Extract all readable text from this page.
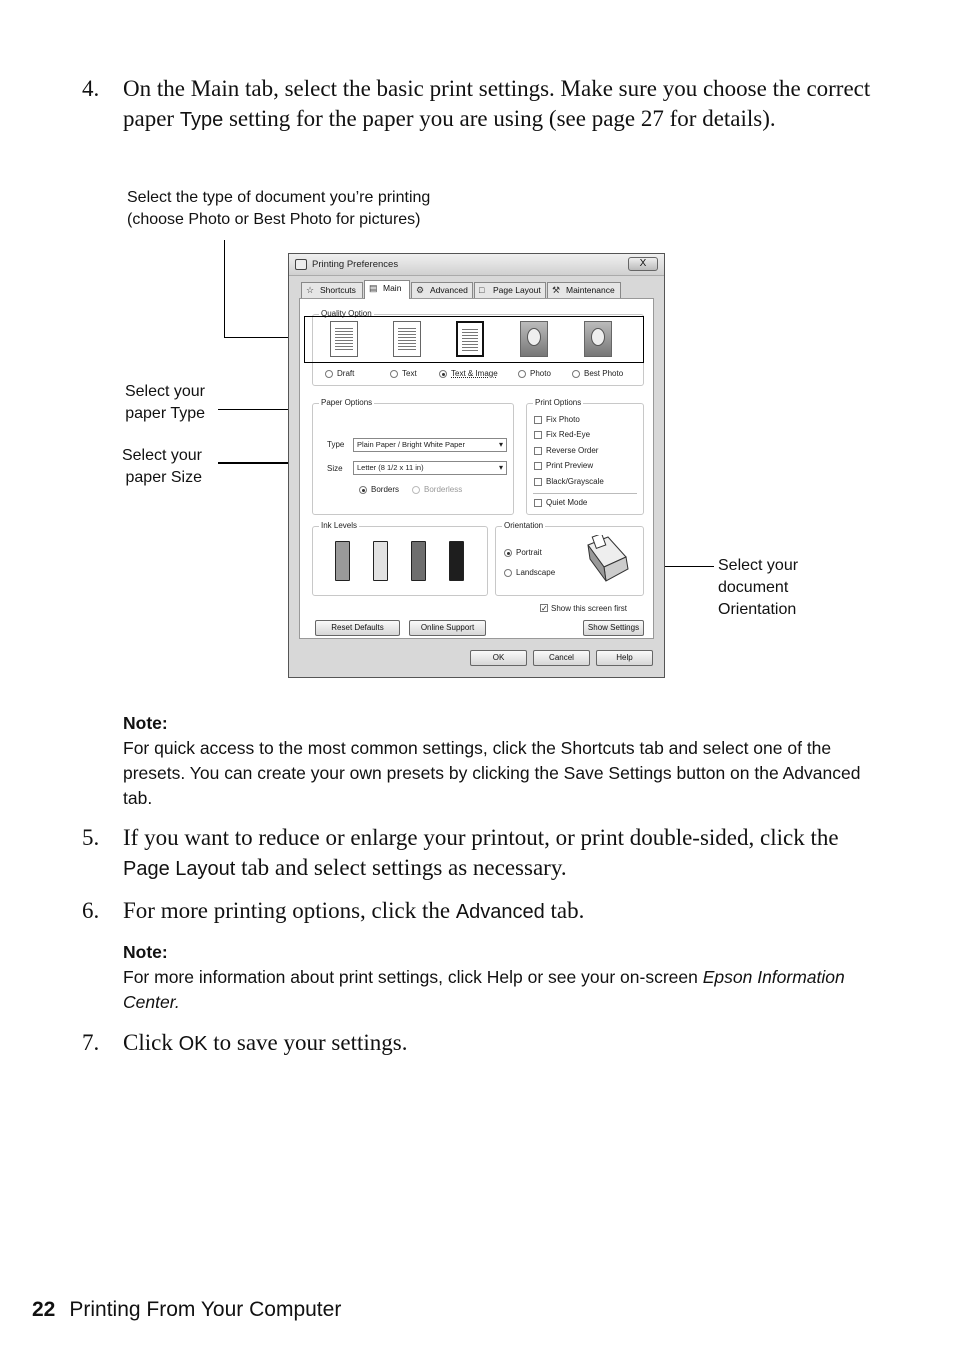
4. On the Main tab, select the basic print settings. Make sure you choose the correct paper Type setting for the paper you are using (see page 27 for details).
Select the type of document you’re printing
(choose Photo or Best Photo for pictures)
Select your
paper Type
Select your
paper Size
Select your
document
Orientation
Printing Preferences	X
☆ Shortcuts	▤ Main	⚙ Advanced	□	Page Layout	⚒ Maintenance
Quality Option
Draft	Text	Text & Image	Photo	Best Photo
Paper Options
Type	Plain Paper / Bright White Paper ▾
Size	Letter (8 1/2 x 11 in) ▾
Borders	Borderless
Print Options
Fix Photo
Fix Red-Eye
Reverse Order
Print Preview
Black/Grayscale
Quiet Mode
Ink Levels	Orientation
Portrait
Landscape
✓ Show this screen first
Reset Defaults	Online Support	Show Settings
OK	Cancel	Help
Note:
For quick access to the most common settings, click the Shortcuts tab and select one of the presets. You can create your own presets by clicking the Save Settings button on the Advanced tab.
5. If you want to reduce or enlarge your printout, or print double-sided, click the Page Layout tab and select settings as necessary.
6. For more printing options, click the Advanced tab.
Note:
For more information about print settings, click Help or see your on-screen Epson Information Center.
7. Click OK to save your settings.
22 Printing From Your Computer
